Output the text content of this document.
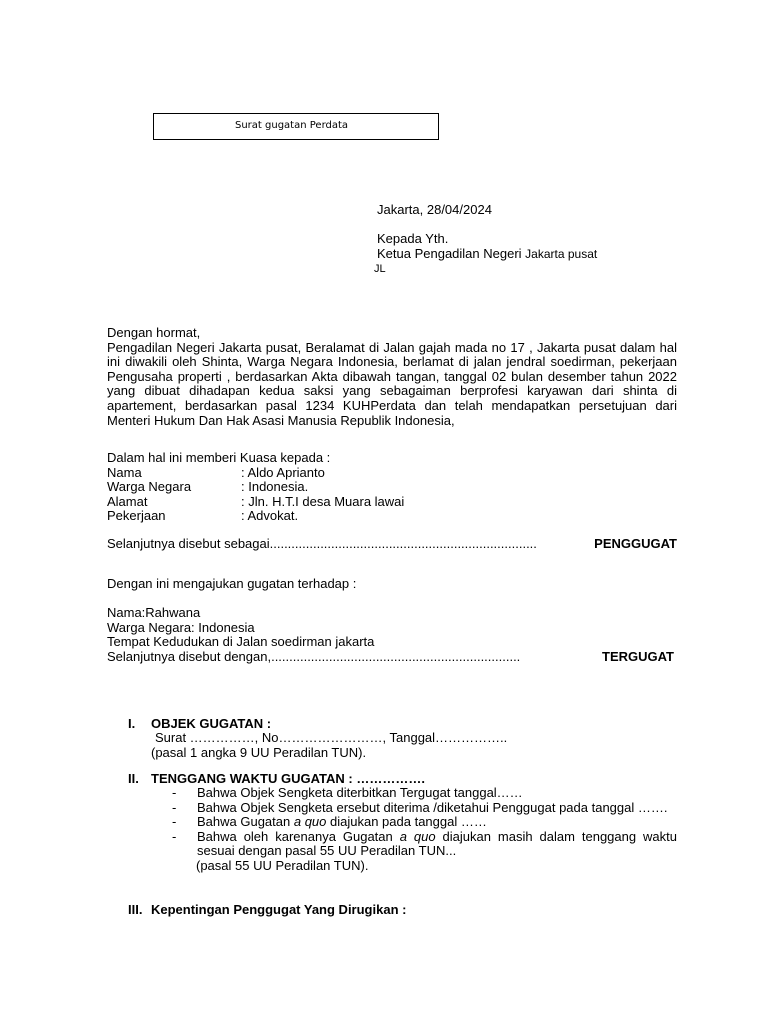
Surat gugatan Perdata
Jakarta, 28/04/2024
Kepada Yth.
Ketua Pengadilan Negeri Jakarta pusat
JL
Dengan hormat,
Pengadilan Negeri Jakarta pusat, Beralamat di Jalan gajah mada no 17 , Jakarta pusat dalam hal ini diwakili oleh Shinta, Warga Negara Indonesia, berlamat di jalan jendral soedirman, pekerjaan Pengusaha properti , berdasarkan Akta dibawah tangan, tanggal 02 bulan desember tahun 2022 yang dibuat dihadapan kedua saksi yang sebagaiman berprofesi karyawan dari shinta di apartement, berdasarkan pasal 1234 KUHPerdata dan telah mendapatkan persetujuan dari Menteri Hukum Dan Hak Asasi Manusia Republik Indonesia,
Dalam hal ini memberi Kuasa kepada :
Nama	: Aldo Aprianto
Warga Negara	: Indonesia.
Alamat	: Jln. H.T.I desa Muara lawai
Pekerjaan	: Advokat.
Selanjutnya disebut sebagai ..........................................................................	PENGGUGAT
Dengan ini mengajukan gugatan terhadap :
Nama:Rahwana
Warga Negara: Indonesia
Tempat Kedudukan di Jalan soedirman jakarta
Selanjutnya disebut dengan, .....................................................................	TERGUGAT
I. OBJEK GUGATAN :
Surat ……………, No……………………, Tanggal……………..
(pasal 1 angka 9 UU Peradilan TUN).
II. TENGGANG WAKTU GUGATAN : …………….
-	Bahwa Objek Sengketa diterbitkan Tergugat tanggal……
-	Bahwa Objek Sengketa ersebut diterima /diketahui Penggugat pada tanggal …….
-	Bahwa Gugatan a quo diajukan pada tanggal ……
-	Bahwa oleh karenanya Gugatan a quo diajukan masih dalam tenggang waktu sesuai dengan pasal 55 UU Peradilan TUN...
(pasal 55 UU Peradilan TUN).
III. Kepentingan Penggugat Yang Dirugikan :
